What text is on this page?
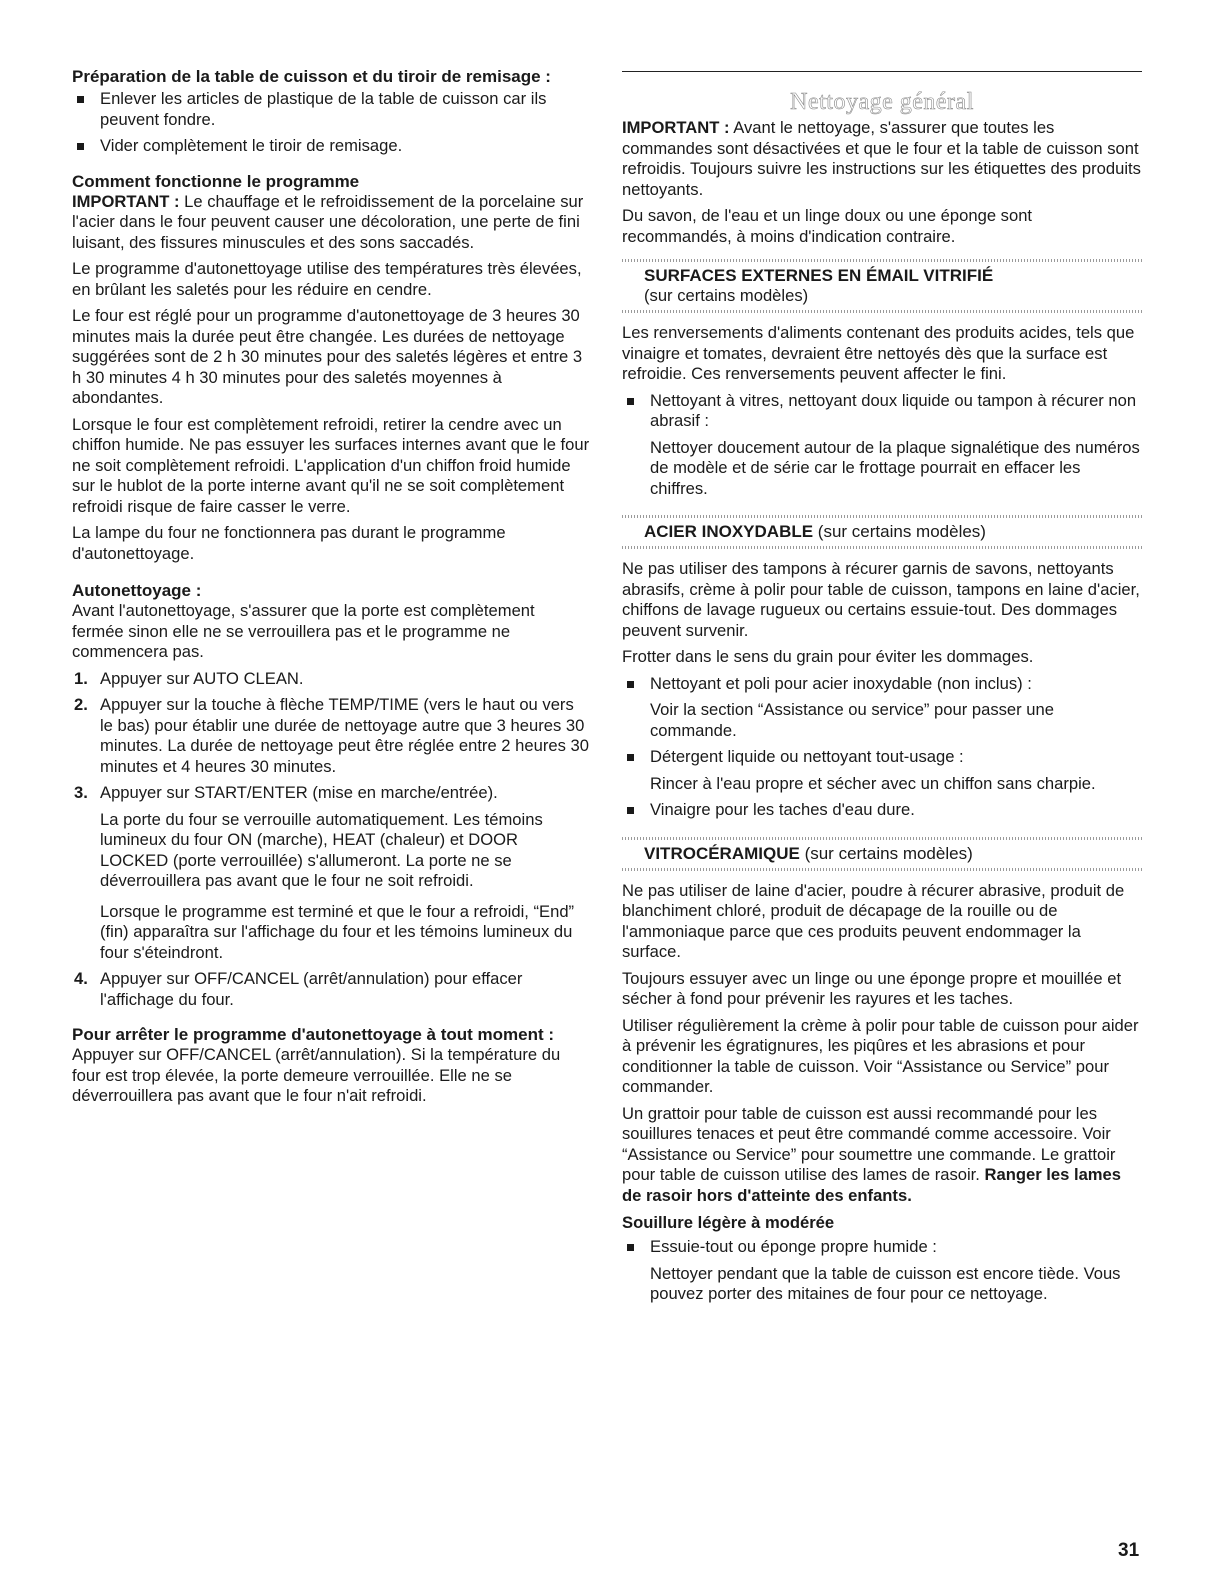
Préparation de la table de cuisson et du tiroir de remisage :
Enlever les articles de plastique de la table de cuisson car ils peuvent fondre.
Vider complètement le tiroir de remisage.
Comment fonctionne le programme

IMPORTANT : Le chauffage et le refroidissement de la porcelaine sur l'acier dans le four peuvent causer une décoloration, une perte de fini luisant, des fissures minuscules et des sons saccadés.

Le programme d'autonettoyage utilise des températures très élevées, en brûlant les saletés pour les réduire en cendre.

Le four est réglé pour un programme d'autonettoyage de 3 heures 30 minutes mais la durée peut être changée. Les durées de nettoyage suggérées sont de 2 h 30 minutes pour des saletés légères et entre 3 h 30 minutes 4 h 30 minutes pour des saletés moyennes à abondantes.

Lorsque le four est complètement refroidi, retirer la cendre avec un chiffon humide. Ne pas essuyer les surfaces internes avant que le four ne soit complètement refroidi. L'application d'un chiffon froid humide sur le hublot de la porte interne avant qu'il ne se soit complètement refroidi risque de faire casser le verre.

La lampe du four ne fonctionnera pas durant le programme d'autonettoyage.

Autonettoyage :

Avant l'autonettoyage, s'assurer que la porte est complètement fermée sinon elle ne se verrouillera pas et le programme ne commencera pas.

1. Appuyer sur AUTO CLEAN.
2. Appuyer sur la touche à flèche TEMP/TIME (vers le haut ou vers le bas) pour établir une durée de nettoyage autre que 3 heures 30 minutes. La durée de nettoyage peut être réglée entre 2 heures 30 minutes et 4 heures 30 minutes.
3. Appuyer sur START/ENTER (mise en marche/entrée).
La porte du four se verrouille automatiquement. Les témoins lumineux du four ON (marche), HEAT (chaleur) et DOOR LOCKED (porte verrouillée) s'allumeront. La porte ne se déverrouillera pas avant que le four ne soit refroidi.
Lorsque le programme est terminé et que le four a refroidi, “End” (fin) apparaîtra sur l'affichage du four et les témoins lumineux du four s'éteindront.
4. Appuyer sur OFF/CANCEL (arrêt/annulation) pour effacer l'affichage du four.
Pour arrêter le programme d'autonettoyage à tout moment :

Appuyer sur OFF/CANCEL (arrêt/annulation). Si la température du four est trop élevée, la porte demeure verrouillée. Elle ne se déverrouillera pas avant que le four n'ait refroidi.

Nettoyage général

IMPORTANT : Avant le nettoyage, s'assurer que toutes les commandes sont désactivées et que le four et la table de cuisson sont refroidis. Toujours suivre les instructions sur les étiquettes des produits nettoyants.

Du savon, de l'eau et un linge doux ou une éponge sont recommandés, à moins d'indication contraire.

SURFACES EXTERNES EN ÉMAIL VITRIFIÉ
(sur certains modèles)

Les renversements d'aliments contenant des produits acides, tels que vinaigre et tomates, devraient être nettoyés dès que la surface est refroidie. Ces renversements peuvent affecter le fini.

Nettoyant à vitres, nettoyant doux liquide ou tampon à récurer non abrasif :
Nettoyer doucement autour de la plaque signalétique des numéros de modèle et de série car le frottage pourrait en effacer les chiffres.
ACIER INOXYDABLE (sur certains modèles)

Ne pas utiliser des tampons à récurer garnis de savons, nettoyants abrasifs, crème à polir pour table de cuisson, tampons en laine d'acier, chiffons de lavage rugueux ou certains essuie-tout. Des dommages peuvent survenir.

Frotter dans le sens du grain pour éviter les dommages.

Nettoyant et poli pour acier inoxydable (non inclus) :
Voir la section “Assistance ou service” pour passer une commande.
Détergent liquide ou nettoyant tout-usage :
Rincer à l'eau propre et sécher avec un chiffon sans charpie.
Vinaigre pour les taches d'eau dure.
VITROCÉRAMIQUE (sur certains modèles)

Ne pas utiliser de laine d'acier, poudre à récurer abrasive, produit de blanchiment chloré, produit de décapage de la rouille ou de l'ammoniaque parce que ces produits peuvent endommager la surface.

Toujours essuyer avec un linge ou une éponge propre et mouillée et sécher à fond pour prévenir les rayures et les taches.

Utiliser régulièrement la crème à polir pour table de cuisson pour aider à prévenir les égratignures, les piqûres et les abrasions et pour conditionner la table de cuisson. Voir “Assistance ou Service” pour commander.

Un grattoir pour table de cuisson est aussi recommandé pour les souillures tenaces et peut être commandé comme accessoire. Voir “Assistance ou Service” pour soumettre une commande. Le grattoir pour table de cuisson utilise des lames de rasoir. Ranger les lames de rasoir hors d'atteinte des enfants.

Souillure légère à modérée
Essuie-tout ou éponge propre humide :
Nettoyer pendant que la table de cuisson est encore tiède. Vous pouvez porter des mitaines de four pour ce nettoyage.
31
